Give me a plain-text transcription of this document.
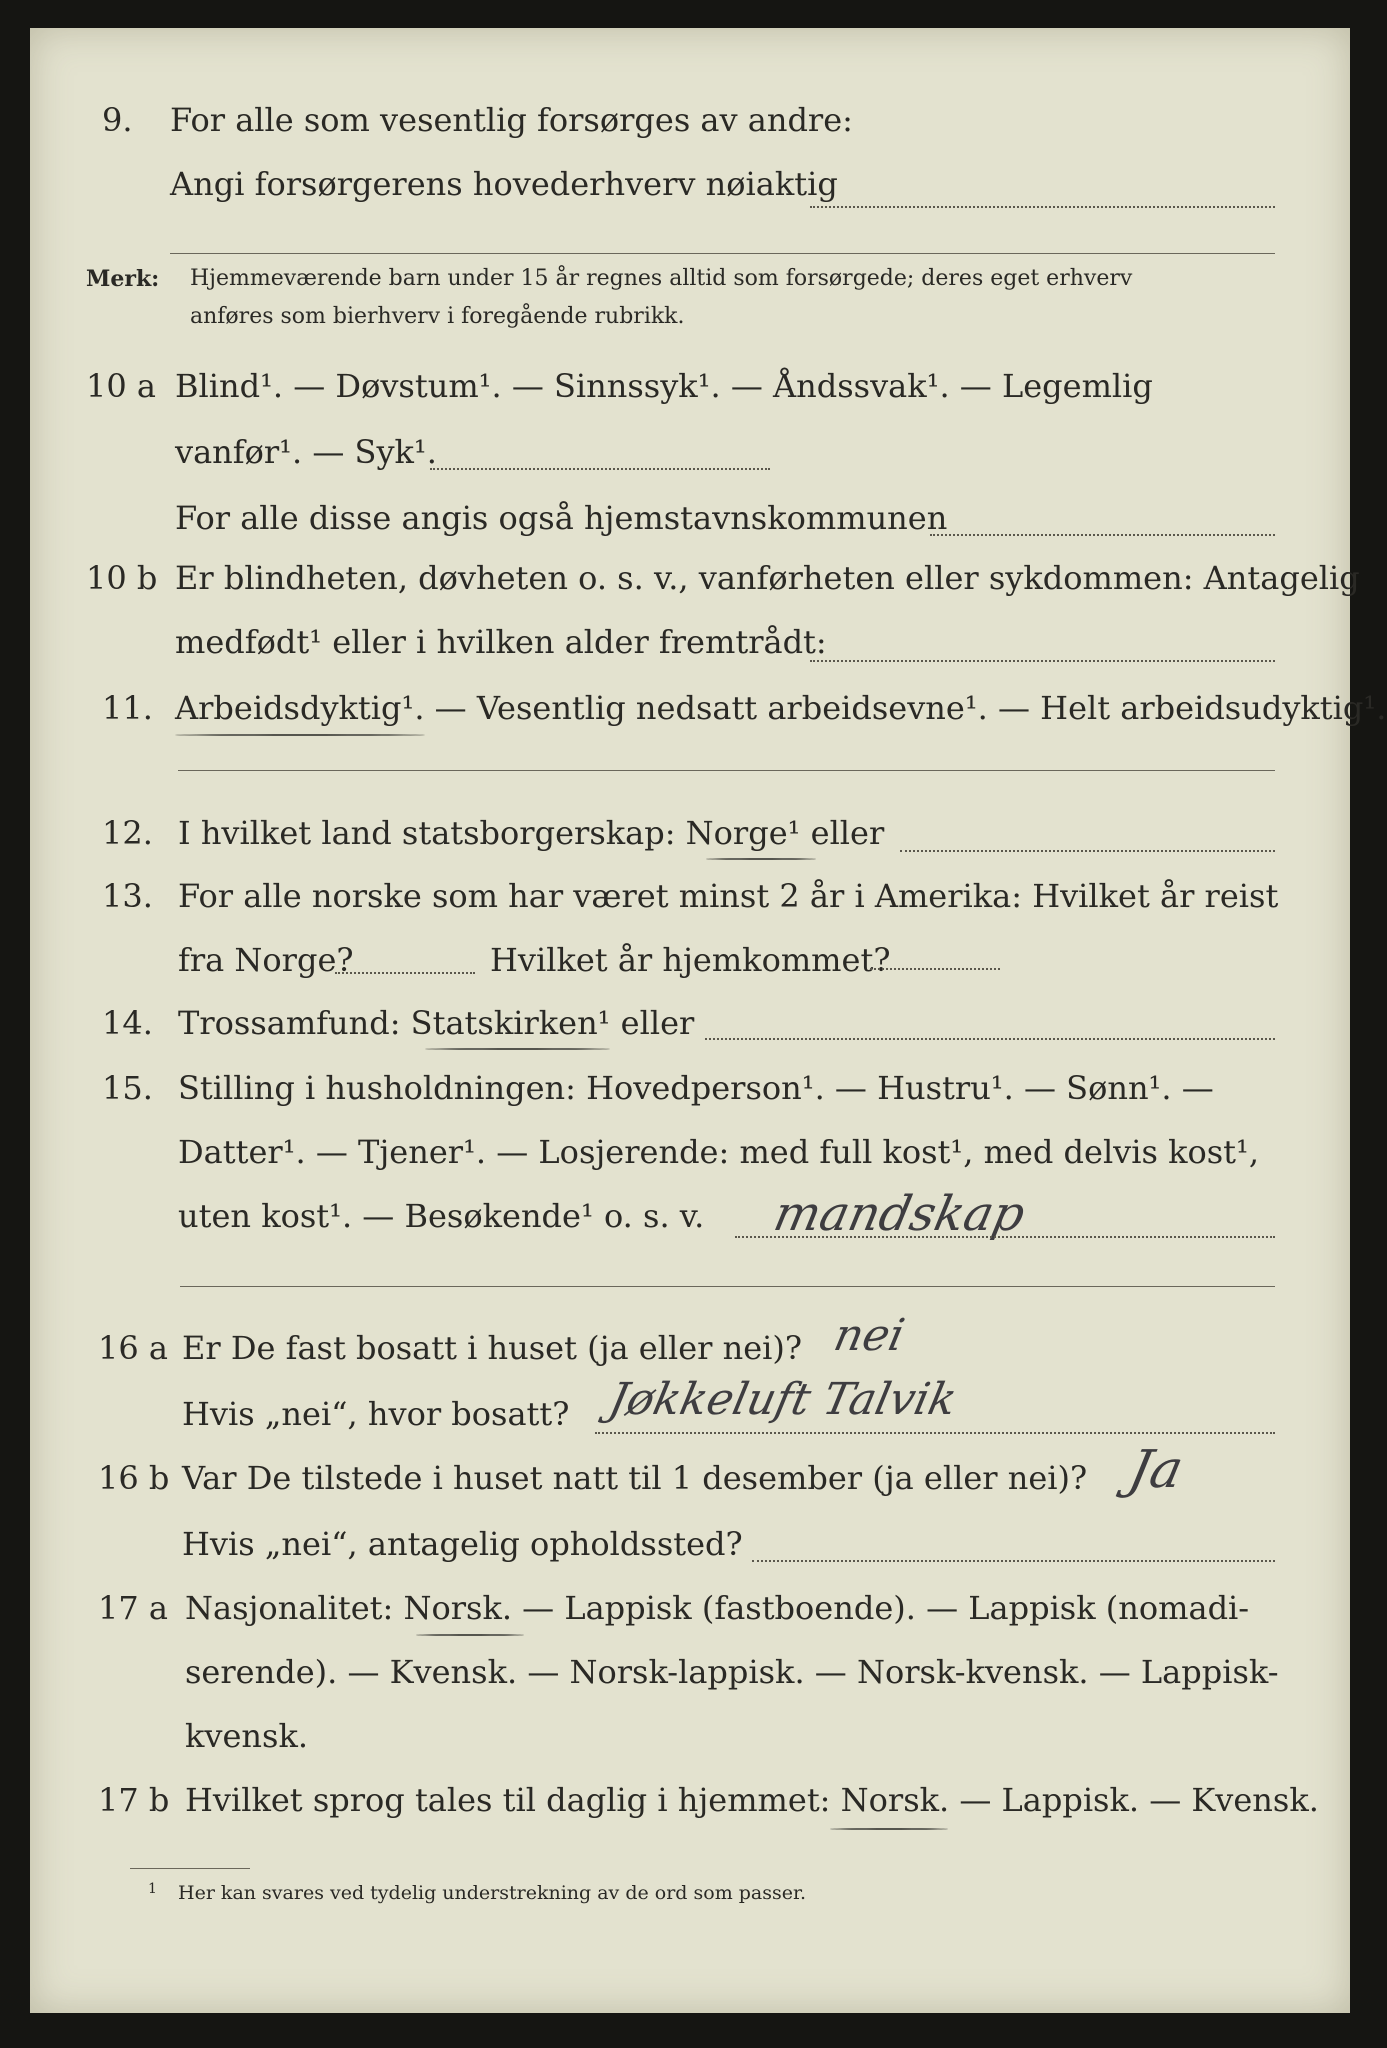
9. For alle som vesentlig forsørges av andre:
Angi forsørgerens hovederhverv nøiaktig
Merk: Hjemmeværende barn under 15 år regnes alltid som forsørgede; deres eget erhverv
anføres som bierhverv i foregående rubrikk.
10 a Blind¹. — Døvstum¹. — Sinnssyk¹. — Åndssvak¹. — Legemlig
vanfør¹. — Syk¹.
For alle disse angis også hjemstavnskommunen
10 b Er blindheten, døvheten o. s. v., vanførheten eller sykdommen: Antagelig
medfødt¹ eller i hvilken alder fremtrådt:
11. Arbeidsdyktig¹. — Vesentlig nedsatt arbeidsevne¹. — Helt arbeidsudyktig¹.
12. I hvilket land statsborgerskap: Norge¹ eller
13. For alle norske som har været minst 2 år i Amerika: Hvilket år reist
fra Norge?	Hvilket år hjemkommet?
14. Trossamfund: Statskirken¹ eller
15. Stilling i husholdningen: Hovedperson¹. — Hustru¹. — Sønn¹. —
Datter¹. — Tjener¹. — Losjerende: med full kost¹, med delvis kost¹,
uten kost¹. — Besøkende¹ o. s. v. mandskap
16 a Er De fast bosatt i huset (ja eller nei)? nei
Hvis „nei“, hvor bosatt? Jøkkeluft Talvik
16 b Var De tilstede i huset natt til 1 desember (ja eller nei)? Ja
Hvis „nei“, antagelig opholdssted?
17 a Nasjonalitet: Norsk. — Lappisk (fastboende). — Lappisk (nomadi-
serende). — Kvensk. — Norsk-lappisk. — Norsk-kvensk. — Lappisk-
kvensk.
17 b Hvilket sprog tales til daglig i hjemmet: Norsk. — Lappisk. — Kvensk.
1 Her kan svares ved tydelig understrekning av de ord som passer.
